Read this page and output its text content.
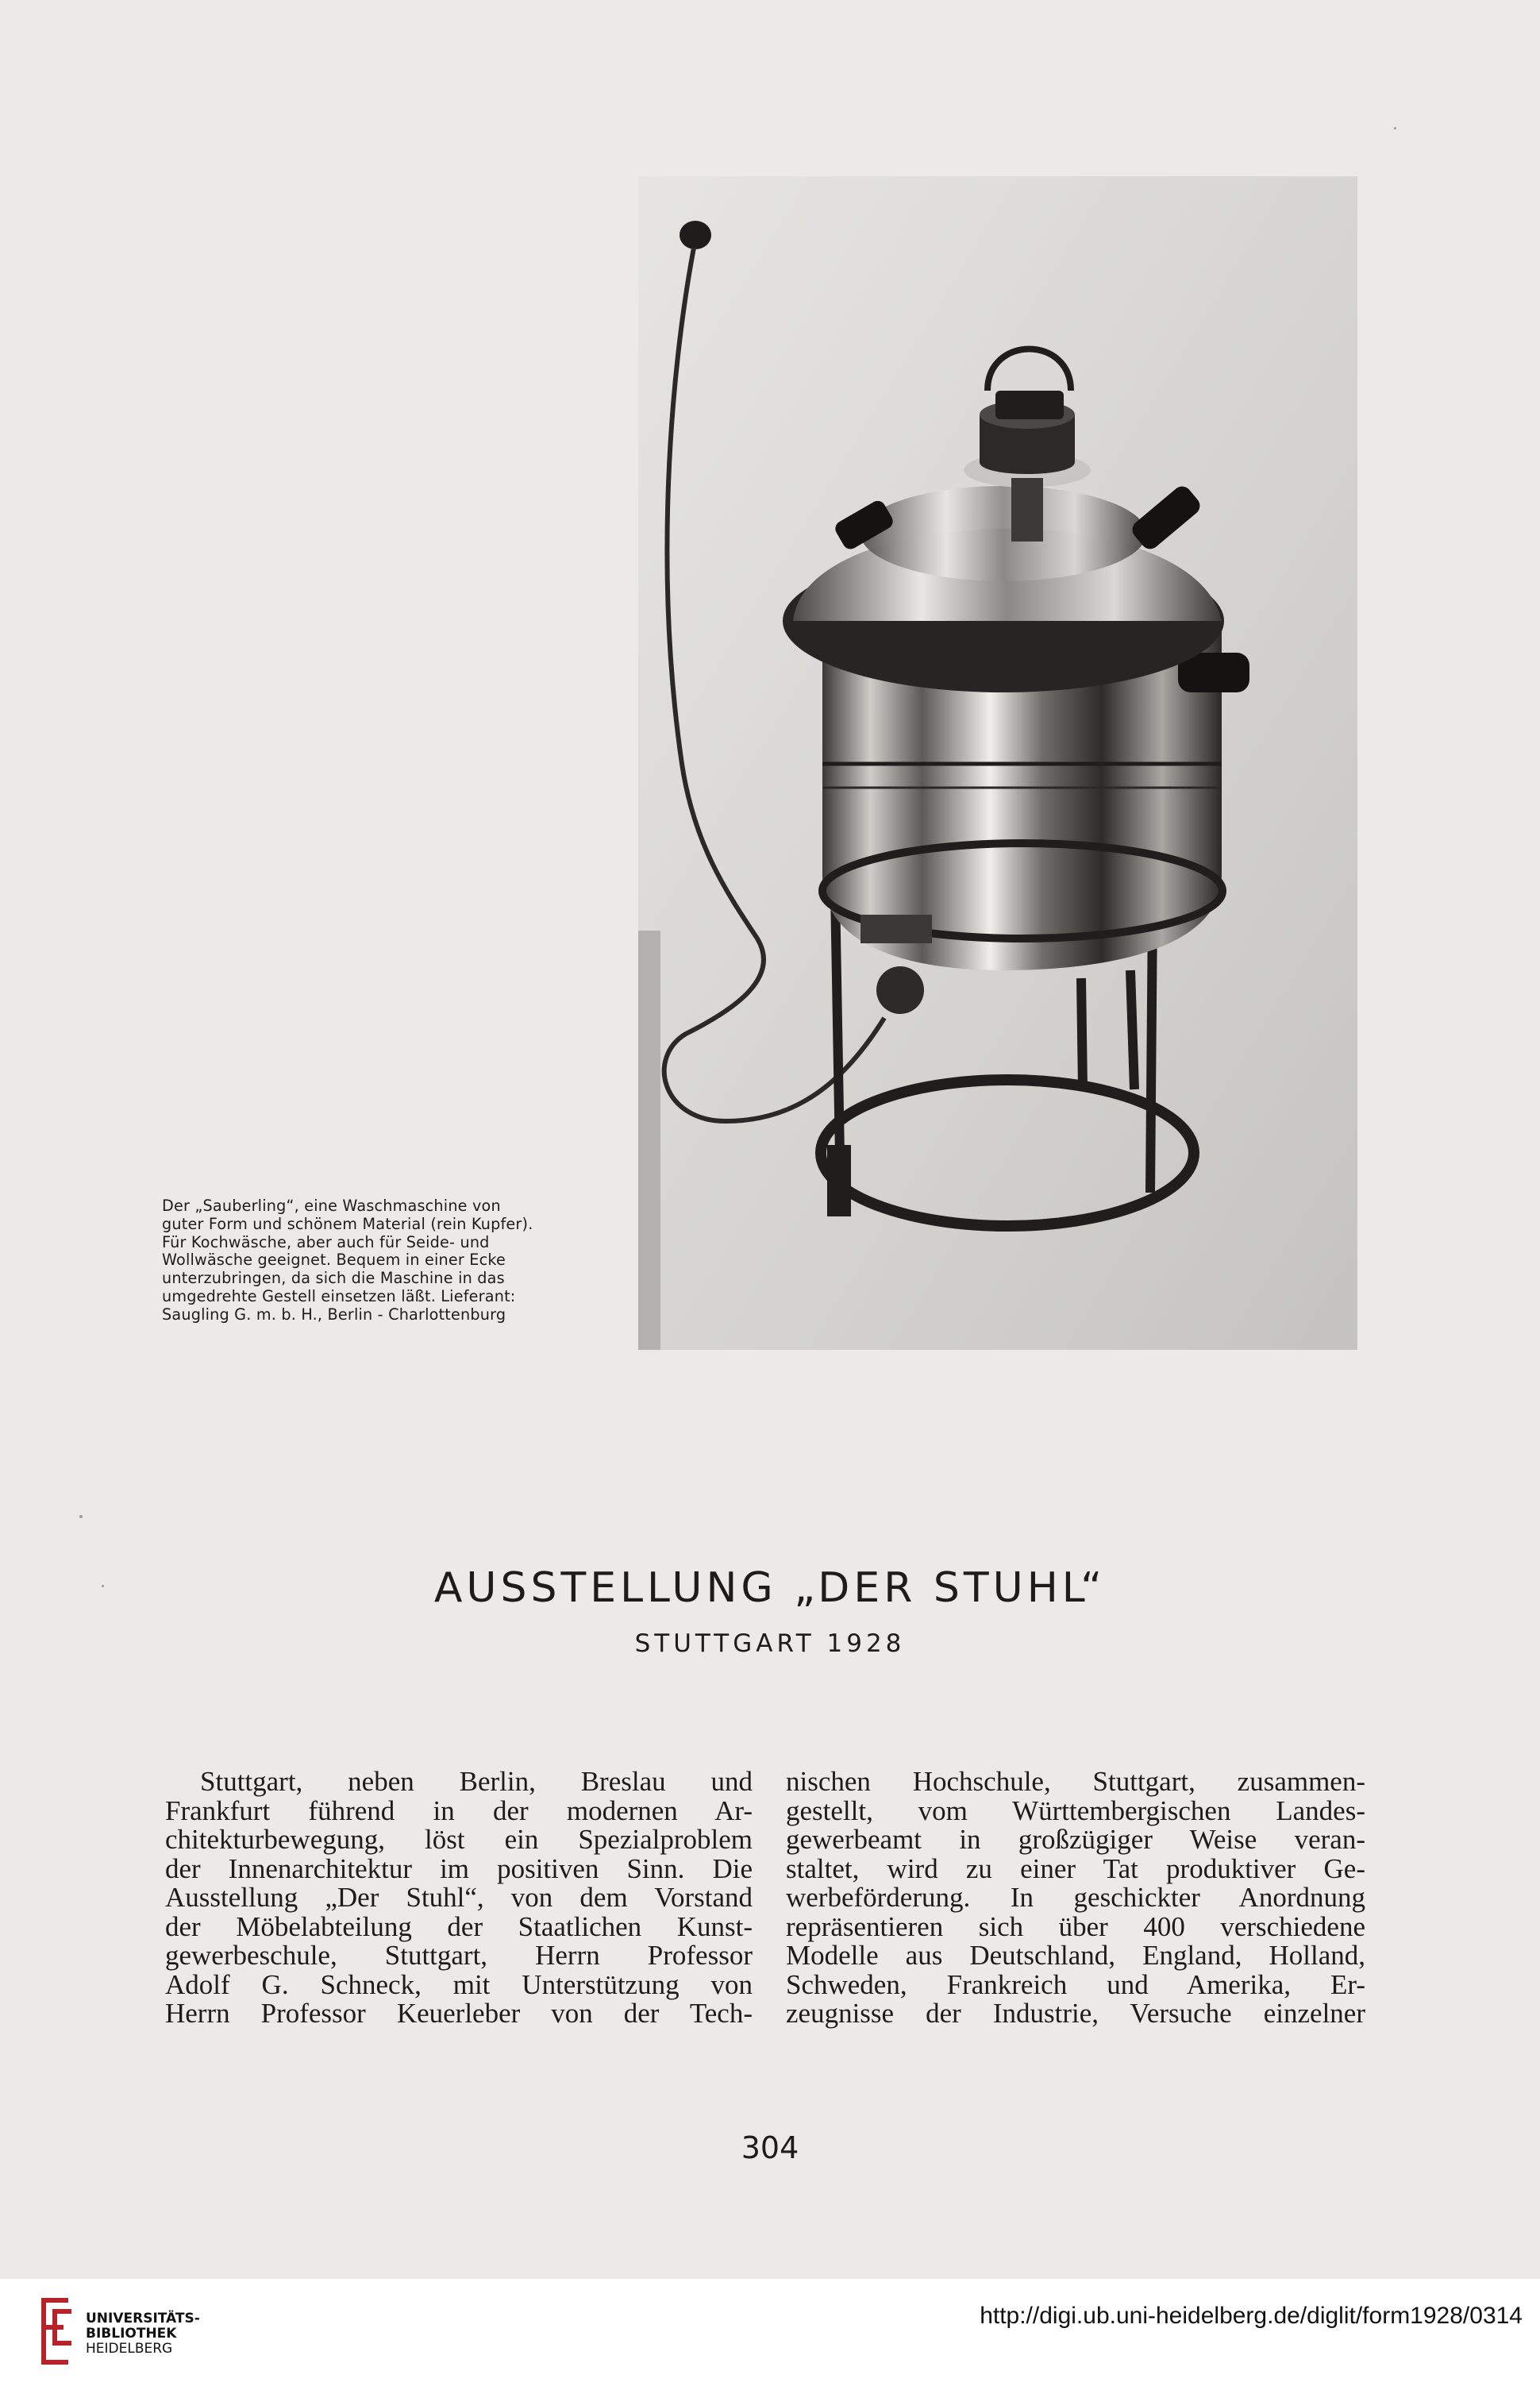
Der „Sauberling“, eine Waschmaschine von
guter Form und schönem Material (rein Kupfer).
Für Kochwäsche, aber auch für Seide- und
Wollwäsche geeignet. Bequem in einer Ecke
unterzubringen, da sich die Maschine in das
umgedrehte Gestell einsetzen läßt. Lieferant:
Saugling G. m. b. H., Berlin - Charlottenburg
AUSSTELLUNG „DER STUHL“
STUTTGART 1928
Stuttgart, neben Berlin, Breslau und
Frankfurt führend in der modernen Ar-
chitekturbewegung, löst ein Spezialproblem
der Innenarchitektur im positiven Sinn. Die
Ausstellung „Der Stuhl“, von dem Vorstand
der Möbelabteilung der Staatlichen Kunst-
gewerbeschule, Stuttgart, Herrn Professor
Adolf G. Schneck, mit Unterstützung von
Herrn Professor Keuerleber von der Tech-
nischen Hochschule, Stuttgart, zusammen-
gestellt, vom Württembergischen Landes-
gewerbeamt in großzügiger Weise veran-
staltet, wird zu einer Tat produktiver Ge-
werbeförderung. In geschickter Anordnung
repräsentieren sich über 400 verschiedene
Modelle aus Deutschland, England, Holland,
Schweden, Frankreich und Amerika, Er-
zeugnisse der Industrie, Versuche einzelner
304
UNIVERSITÄTS-
BIBLIOTHEK
HEIDELBERG
http://digi.ub.uni-heidelberg.de/diglit/form1928/0314
